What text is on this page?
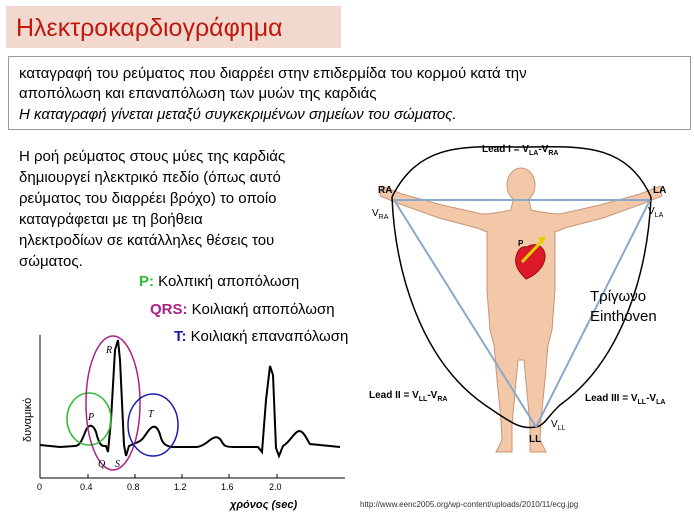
Ηλεκτροκαρδιογράφημα
καταγραφή του ρεύματος που διαρρέει στην επιδερμίδα του κορμού κατά την
αποπόλωση και επαναπόλωση των μυών της καρδιάς
Η καταγραφή γίνεται μεταξύ συγκεκριμένων σημείων του σώματος.
Η ροή ρεύματος στους μύες της καρδιάς
δημιουργεί ηλεκτρικό πεδίο (όπως αυτό
ρεύματος του διαρρέει βρόχο) το οποίο
καταγράφεται με τη βοήθεια
ηλεκτροδίων σε κατάλληλες θέσεις του
σώματος.
P: Κολπική αποπόλωση
QRS: Κοιλιακή αποπόλωση
T: Κοιλιακή επαναπόλωση
0	0.4	0.8	1.2	1.6	2.0
χρόνος (sec)
δυναμικό	P
R
T
Q S
P
Lead $I = V_{LA}-V_{RA}$
Lead II = $V_{LL}-V_{RA}$	Lead III = $V_{LL}-V_{LA}$
RA	LA
LL
$V_{RA}$
$V_{LA}$
$V_{LL}$
Τρίγωνο
Einthoven
http://www.eenc2005.org/wp-content/uploads/2010/11/ecg.jpg
